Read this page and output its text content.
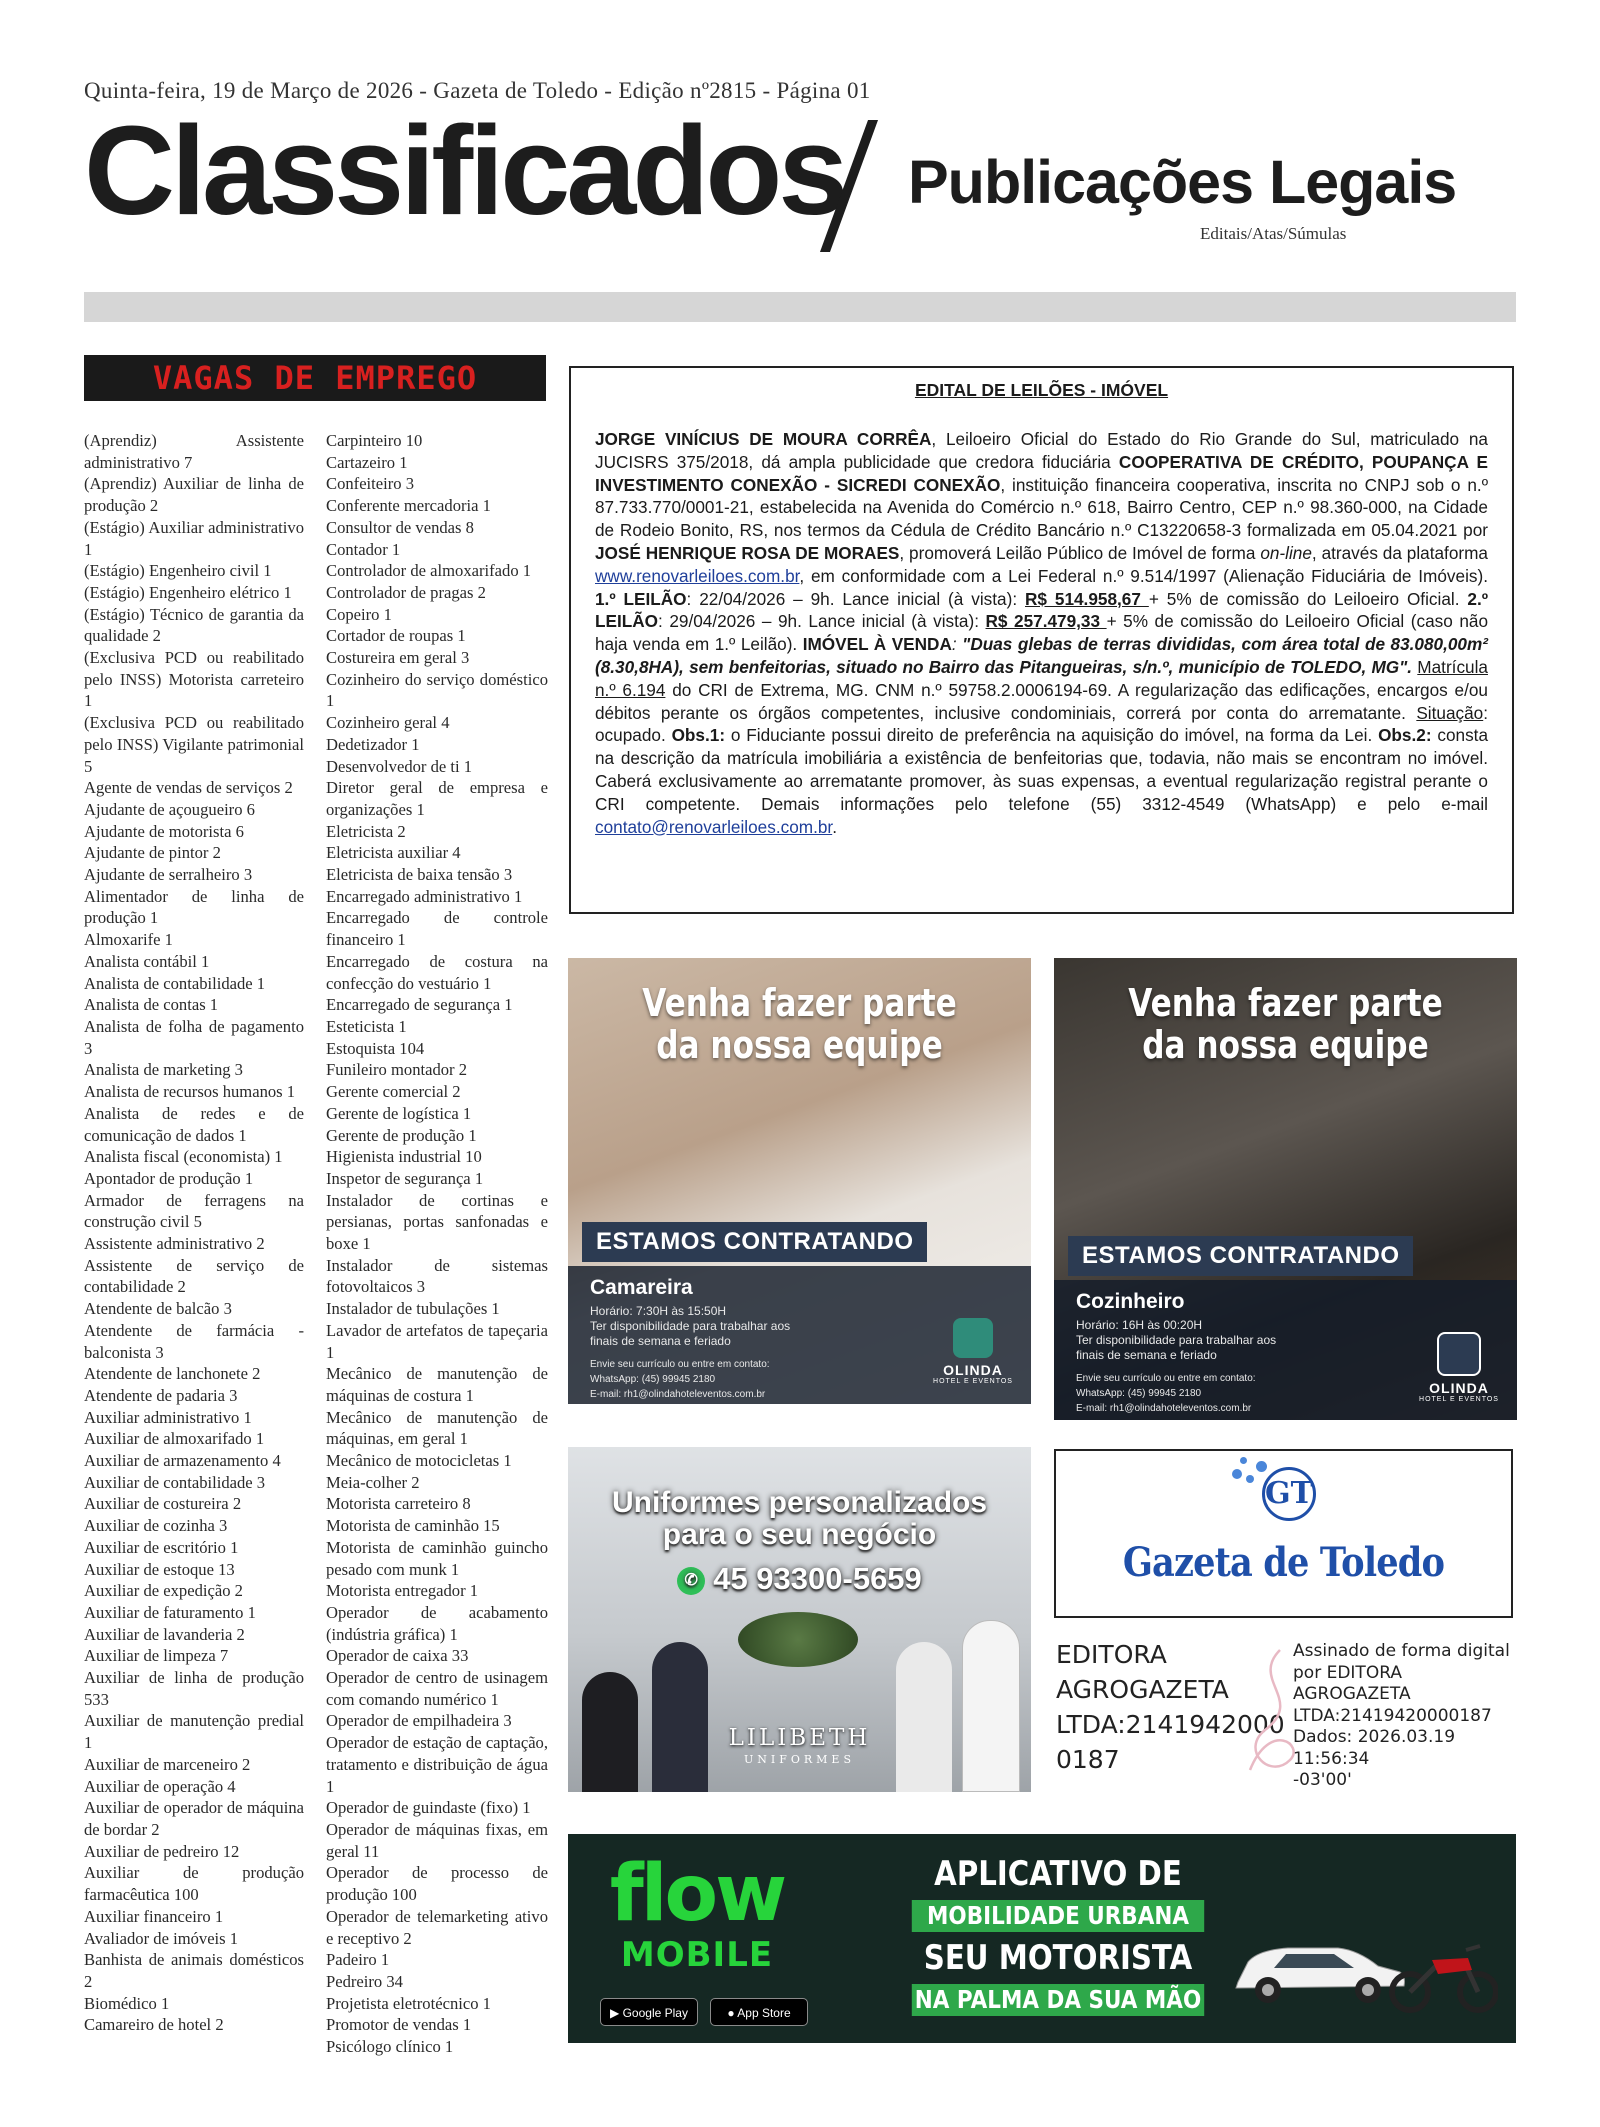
Quinta-feira, 19 de Março de 2026 - Gazeta de Toledo - Edição nº2815 - Página 01
Classificados Publicações Legais
Editais/Atas/Súmulas
VAGAS DE EMPREGO
(Aprendiz) Assistente administrativo 7
(Aprendiz) Auxiliar de linha de produção 2
(Estágio) Auxiliar administrativo 1
(Estágio) Engenheiro civil 1
(Estágio) Engenheiro elétrico 1
(Estágio) Técnico de garantia da qualidade 2
(Exclusiva PCD ou reabilitado pelo INSS) Motorista carreteiro 1
(Exclusiva PCD ou reabilitado pelo INSS) Vigilante patrimonial 5
Agente de vendas de serviços 2
Ajudante de açougueiro 6
Ajudante de motorista 6
Ajudante de pintor 2
Ajudante de serralheiro 3
Alimentador de linha de produção 1
Almoxarife 1
Analista contábil 1
Analista de contabilidade 1
Analista de contas 1
Analista de folha de pagamento 3
Analista de marketing 3
Analista de recursos humanos 1
Analista de redes e de comunicação de dados 1
Analista fiscal (economista) 1
Apontador de produção 1
Armador de ferragens na construção civil 5
Assistente administrativo 2
Assistente de serviço de contabilidade 2
Atendente de balcão 3
Atendente de farmácia - balconista 3
Atendente de lanchonete 2
Atendente de padaria 3
Auxiliar administrativo 1
Auxiliar de almoxarifado 1
Auxiliar de armazenamento 4
Auxiliar de contabilidade 3
Auxiliar de costureira 2
Auxiliar de cozinha 3
Auxiliar de escritório 1
Auxiliar de estoque 13
Auxiliar de expedição 2
Auxiliar de faturamento 1
Auxiliar de lavanderia 2
Auxiliar de limpeza 7
Auxiliar de linha de produção 533
Auxiliar de manutenção predial 1
Auxiliar de marceneiro 2
Auxiliar de operação 4
Auxiliar de operador de máquina de bordar 2
Auxiliar de pedreiro 12
Auxiliar de produção farmacêutica 100
Auxiliar financeiro 1
Avaliador de imóveis 1
Banhista de animais domésticos 2
Biomédico 1
Camareiro de hotel 2
Carpinteiro 10
Cartazeiro 1
Confeiteiro 3
Conferente mercadoria 1
Consultor de vendas 8
Contador 1
Controlador de almoxarifado 1
Controlador de pragas 2
Copeiro 1
Cortador de roupas 1
Costureira em geral 3
Cozinheiro do serviço doméstico 1
Cozinheiro geral 4
Dedetizador 1
Desenvolvedor de ti 1
Diretor geral de empresa e organizações 1
Eletricista 2
Eletricista auxiliar 4
Eletricista de baixa tensão 3
Encarregado administrativo 1
Encarregado de controle financeiro 1
Encarregado de costura na confecção do vestuário 1
Encarregado de segurança 1
Esteticista 1
Estoquista 104
Funileiro montador 2
Gerente comercial 2
Gerente de logística 1
Gerente de produção 1
Higienista industrial 10
Inspetor de segurança 1
Instalador de cortinas e persianas, portas sanfonadas e boxe 1
Instalador de sistemas fotovoltaicos 3
Instalador de tubulações 1
Lavador de artefatos de tapeçaria 1
Mecânico de manutenção de máquinas de costura 1
Mecânico de manutenção de máquinas, em geral 1
Mecânico de motocicletas 1
Meia-colher 2
Motorista carreteiro 8
Motorista de caminhão 15
Motorista de caminhão guincho pesado com munk 1
Motorista entregador 1
Operador de acabamento (indústria gráfica) 1
Operador de caixa 33
Operador de centro de usinagem com comando numérico 1
Operador de empilhadeira 3
Operador de estação de captação, tratamento e distribuição de água 1
Operador de guindaste (fixo) 1
Operador de máquinas fixas, em geral 11
Operador de processo de produção 100
Operador de telemarketing ativo e receptivo 2
Padeiro 1
Pedreiro 34
Projetista eletrotécnico 1
Promotor de vendas 1
Psicólogo clínico 1
EDITAL DE LEILÕES - IMÓVEL
JORGE VINÍCIUS DE MOURA CORRÊA, Leiloeiro Oficial do Estado do Rio Grande do Sul, matriculado na JUCISRS 375/2018, dá ampla publicidade que credora fiduciária COOPERATIVA DE CRÉDITO, POUPANÇA E INVESTIMENTO CONEXÃO - SICREDI CONEXÃO, instituição financeira cooperativa, inscrita no CNPJ sob o n.º 87.733.770/0001-21, estabelecida na Avenida do Comércio n.º 618, Bairro Centro, CEP n.º 98.360-000, na Cidade de Rodeio Bonito, RS, nos termos da Cédula de Crédito Bancário n.º C13220658-3 formalizada em 05.04.2021 por JOSÉ HENRIQUE ROSA DE MORAES, promoverá Leilão Público de Imóvel de forma on-line, através da plataforma www.renovarleiloes.com.br, em conformidade com a Lei Federal n.º 9.514/1997 (Alienação Fiduciária de Imóveis). 1.º LEILÃO: 22/04/2026 – 9h. Lance inicial (à vista): R$ 514.958,67 + 5% de comissão do Leiloeiro Oficial. 2.º LEILÃO: 29/04/2026 – 9h. Lance inicial (à vista): R$ 257.479,33 + 5% de comissão do Leiloeiro Oficial (caso não haja venda em 1.º Leilão). IMÓVEL À VENDA: "Duas glebas de terras divididas, com área total de 83.080,00m² (8.30,8HA), sem benfeitorias, situado no Bairro das Pitangueiras, s/n.º, município de TOLEDO, MG". Matrícula n.º 6.194 do CRI de Extrema, MG. CNM n.º 59758.2.0006194-69. A regularização das edificações, encargos e/ou débitos perante os órgãos competentes, inclusive condominiais, correrá por conta do arrematante. Situação: ocupado. Obs.1: o Fiduciante possui direito de preferência na aquisição do imóvel, na forma da Lei. Obs.2: consta na descrição da matrícula imobiliária a existência de benfeitorias que, todavia, não mais se encontram no imóvel. Caberá exclusivamente ao arrematante promover, às suas expensas, a eventual regularização registral perante o CRI competente. Demais informações pelo telefone (55) 3312-4549 (WhatsApp) e pelo e-mail contato@renovarleiloes.com.br.
Venha fazer parte
da nossa equipe
ESTAMOS CONTRATANDO
Camareira
Horário: 7:30H às 15:50H
Ter disponibilidade para trabalhar aos
finais de semana e feriado
Envie seu currículo ou entre em contato:
WhatsApp: (45) 99945 2180
E-mail: rh1@olindahoteleventos.com.br
OLINDA
HOTEL E EVENTOS
Venha fazer parte
da nossa equipe
ESTAMOS CONTRATANDO
Cozinheiro
Horário: 16H às 00:20H
Ter disponibilidade para trabalhar aos
finais de semana e feriado
Envie seu currículo ou entre em contato:
WhatsApp: (45) 99945 2180
E-mail: rh1@olindahoteleventos.com.br
OLINDA
HOTEL E EVENTOS
Uniformes personalizados
para o seu negócio
✆ 45 93300-5659
LILIBETH
UNIFORMES
GT
Gazeta de Toledo
EDITORA
AGROGAZETA
LTDA:2141942000
0187
Assinado de forma digital
por EDITORA
AGROGAZETA
LTDA:21419420000187
Dados: 2026.03.19 11:56:34
-03'00'
flow
MOBILE
▶ Google Play	● App Store
APLICATIVO DE
MOBILIDADE URBANA
SEU MOTORISTA
NA PALMA DA SUA MÃO
